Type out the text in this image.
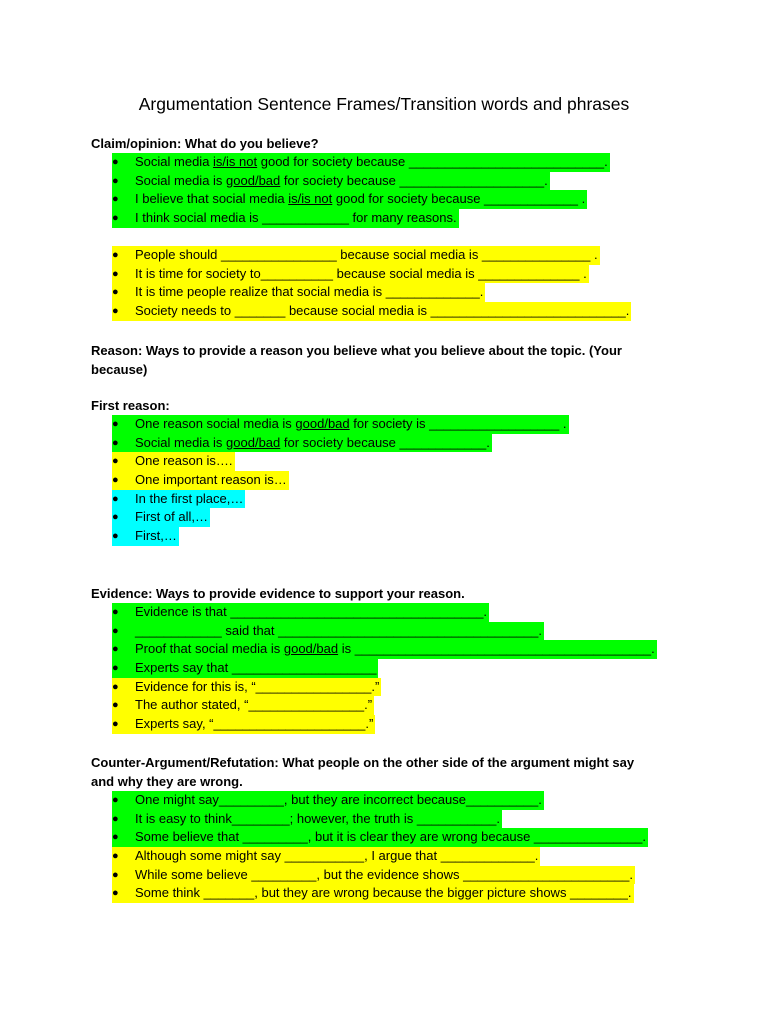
Argumentation Sentence Frames/Transition words and phrases
Claim/opinion: What do you believe?
● Social media is/is not good for society because ___________________________.
● Social media is good/bad for society because ____________________.
● I believe that social media is/is not good for society because _____________ .
● I think social media is ____________ for many reasons.
● People should ________________ because social media is _______________ .
● It is time for society to__________ because social media is ______________ .
● It is time people realize that social media is _____________.
● Society needs to _______ because social media is ___________________________.
Reason: Ways to provide a reason you believe what you believe about the topic. (Your
because)
First reason:
● One reason social media is good/bad for society is __________________ .
● Social media is good/bad for society because ____________.
● One reason is….
● One important reason is…
● In the first place,…
● First of all,…
● First,…
Evidence: Ways to provide evidence to support your reason.
● Evidence is that ___________________________________.
● ____________ said that ____________________________________.
● Proof that social media is good/bad is _________________________________________.
● Experts say that ____________________
● Evidence for this is, “________________.”
● The author stated, “________________.”
● Experts say, “_____________________.”
Counter-Argument/Refutation: What people on the other side of the argument might say
and why they are wrong.
● One might say_________, but they are incorrect because__________.
● It is easy to think________; however, the truth is ___________.
● Some believe that _________, but it is clear they are wrong because _______________.
● Although some might say ___________, I argue that _____________.
● While some believe _________, but the evidence shows _______________________.
● Some think _______, but they are wrong because the bigger picture shows ________.
